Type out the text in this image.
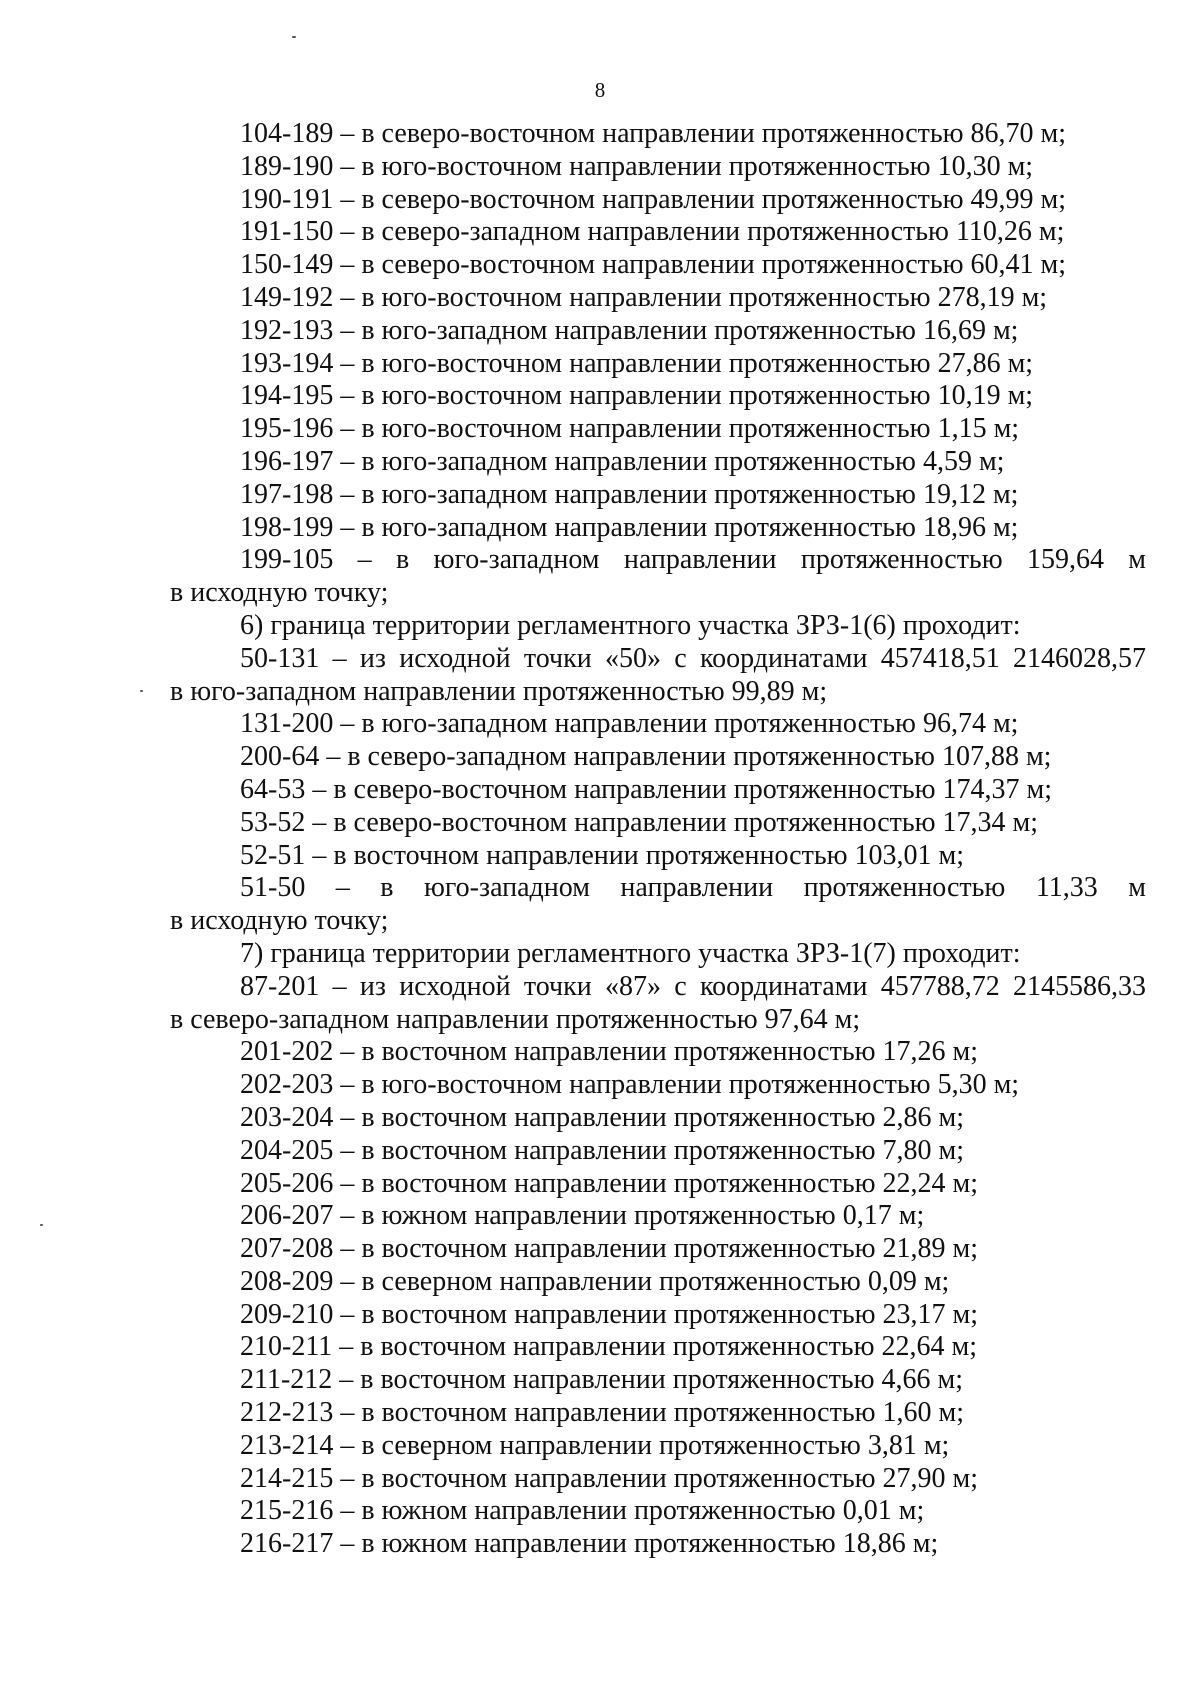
8
104-189 – в северо-восточном направлении протяженностью 86,70 м;
189-190 – в юго-восточном направлении протяженностью 10,30 м;
190-191 – в северо-восточном направлении протяженностью 49,99 м;
191-150 – в северо-западном направлении протяженностью 110,26 м;
150-149 – в северо-восточном направлении протяженностью 60,41 м;
149-192 – в юго-восточном направлении протяженностью 278,19 м;
192-193 – в юго-западном направлении протяженностью 16,69 м;
193-194 – в юго-восточном направлении протяженностью 27,86 м;
194-195 – в юго-восточном направлении протяженностью 10,19 м;
195-196 – в юго-восточном направлении протяженностью 1,15 м;
196-197 – в юго-западном направлении протяженностью 4,59 м;
197-198 – в юго-западном направлении протяженностью 19,12 м;
198-199 – в юго-западном направлении протяженностью 18,96 м;
199-105 – в юго-западном направлении протяженностью 159,64 м
в исходную точку;
6) граница территории регламентного участка ЗРЗ-1(6) проходит:
50-131 – из исходной точки «50» с координатами 457418,51 2146028,57
в юго-западном направлении протяженностью 99,89 м;
131-200 – в юго-западном направлении протяженностью 96,74 м;
200-64 – в северо-западном направлении протяженностью 107,88 м;
64-53 – в северо-восточном направлении протяженностью 174,37 м;
53-52 – в северо-восточном направлении протяженностью 17,34 м;
52-51 – в восточном направлении протяженностью 103,01 м;
51-50 – в юго-западном направлении протяженностью 11,33 м
в исходную точку;
7) граница территории регламентного участка ЗРЗ-1(7) проходит:
87-201 – из исходной точки «87» с координатами 457788,72 2145586,33
в северо-западном направлении протяженностью 97,64 м;
201-202 – в восточном направлении протяженностью 17,26 м;
202-203 – в юго-восточном направлении протяженностью 5,30 м;
203-204 – в восточном направлении протяженностью 2,86 м;
204-205 – в восточном направлении протяженностью 7,80 м;
205-206 – в восточном направлении протяженностью 22,24 м;
206-207 – в южном направлении протяженностью 0,17 м;
207-208 – в восточном направлении протяженностью 21,89 м;
208-209 – в северном направлении протяженностью 0,09 м;
209-210 – в восточном направлении протяженностью 23,17 м;
210-211 – в восточном направлении протяженностью 22,64 м;
211-212 – в восточном направлении протяженностью 4,66 м;
212-213 – в восточном направлении протяженностью 1,60 м;
213-214 – в северном направлении протяженностью 3,81 м;
214-215 – в восточном направлении протяженностью 27,90 м;
215-216 – в южном направлении протяженностью 0,01 м;
216-217 – в южном направлении протяженностью 18,86 м;
